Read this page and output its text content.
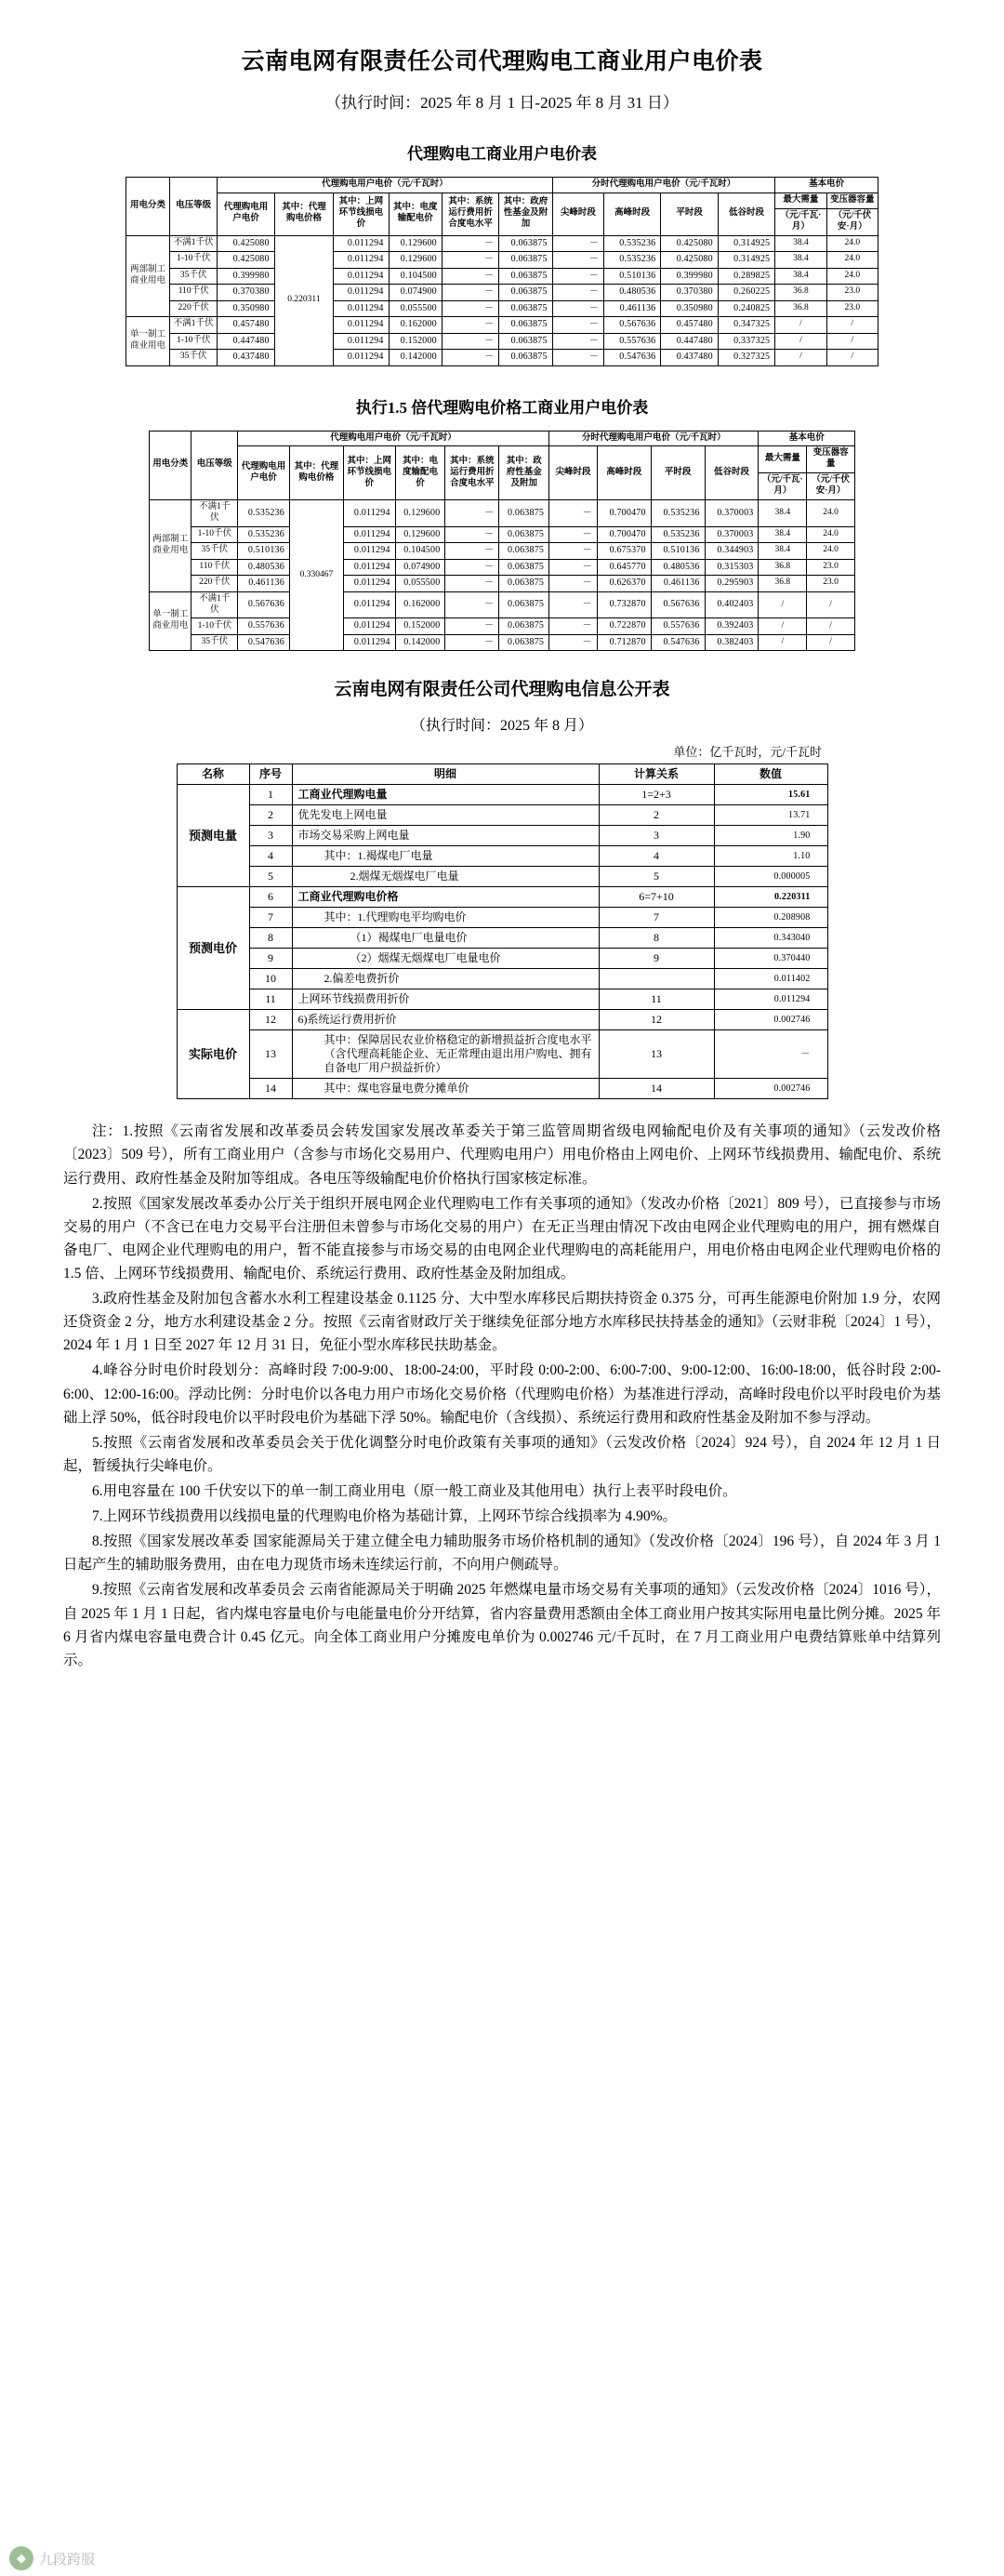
云南电网有限责任公司代理购电工商业用户电价表
（执行时间：2025 年 8 月 1 日-2025 年 8 月 31 日）
代理购电工商业用户电价表
用电分类	电压等级	代理购电用户电价（元/千瓦时）						分时代理购电用户电价（元/千瓦时）				基本电价	
		代理购电用户电价	其中：代理购电价格	其中：上网环节线损电价	其中：电度输配电价	其中：系统运行费用折合度电水平	其中：政府性基金及附加	尖峰时段	高峰时段	平时段	低谷时段	最大需量	变压器容量
												（元/千瓦·月）	（元/千伏安·月）
两部制工商业用电	不满1千伏	0.425080	0.220311	0.011294	0.129600	－	0.063875	－	0.535236	0.425080	0.314925	38.4	24.0
	1-10千伏	0.425080		0.011294	0.129600	－	0.063875	－	0.535236	0.425080	0.314925	38.4	24.0
	35千伏	0.399980		0.011294	0.104500	－	0.063875	－	0.510136	0.399980	0.289825	38.4	24.0
	110千伏	0.370380		0.011294	0.074900	－	0.063875	－	0.480536	0.370380	0.260225	36.8	23.0
	220千伏	0.350980		0.011294	0.055500	－	0.063875	－	0.461136	0.350980	0.240825	36.8	23.0
单一制工商业用电	不满1千伏	0.457480		0.011294	0.162000	－	0.063875	－	0.567636	0.457480	0.347325	/	/
	1-10千伏	0.447480		0.011294	0.152000	－	0.063875	－	0.557636	0.447480	0.337325	/	/
	35千伏	0.437480		0.011294	0.142000	－	0.063875	－	0.547636	0.437480	0.327325	/	/
执行1.5 倍代理购电价格工商业用户电价表
用电分类	电压等级	代理购电用户电价（元/千瓦时）						分时代理购电用户电价（元/千瓦时）				基本电价	
		代理购电用户电价	其中：代理购电价格	其中：上网环节线损电价	其中：电度输配电价	其中：系统运行费用折合度电水平	其中：政府性基金及附加	尖峰时段	高峰时段	平时段	低谷时段	最大需量	变压器容量
												（元/千瓦·月）	（元/千伏安·月）
两部制工商业用电	不满1千伏	0.535236	0.330467	0.011294	0.129600	－	0.063875	－	0.700470	0.535236	0.370003	38.4	24.0
	1-10千伏	0.535236		0.011294	0.129600	－	0.063875	－	0.700470	0.535236	0.370003	38.4	24.0
	35千伏	0.510136		0.011294	0.104500	－	0.063875	－	0.675370	0.510136	0.344903	38.4	24.0
	110千伏	0.480536		0.011294	0.074900	－	0.063875	－	0.645770	0.480536	0.315303	36.8	23.0
	220千伏	0.461136		0.011294	0.055500	－	0.063875	－	0.626370	0.461136	0.295903	36.8	23.0
单一制工商业用电	不满1千伏	0.567636		0.011294	0.162000	－	0.063875	－	0.732870	0.567636	0.402403	/	/
	1-10千伏	0.557636		0.011294	0.152000	－	0.063875	－	0.722870	0.557636	0.392403	/	/
	35千伏	0.547636		0.011294	0.142000	－	0.063875	－	0.712870	0.547636	0.382403	/	/
云南电网有限责任公司代理购电信息公开表
（执行时间：2025 年 8 月）
单位：亿千瓦时，元/千瓦时
名称	序号	明细	计算关系	数值
预测电量	1	工商业代理购电量	1=2+3	15.61
	2	优先发电上网电量	2	13.71
	3	市场交易采购上网电量	3	1.90
	4	其中：1.褐煤电厂电量	4	1.10
	5	2.烟煤无烟煤电厂电量	5	0.000005
预测电价	6	工商业代理购电价格	6=7+10	0.220311
	7	其中：1.代理购电平均购电价	7	0.208908
	8	（1）褐煤电厂电量电价	8	0.343040
	9	（2）烟煤无烟煤电厂电量电价	9	0.370440
	10	2.偏差电费折价		0.011402
	11	上网环节线损费用折价	11	0.011294
实际电价	12	6)系统运行费用折价	12	0.002746
	13	其中：保障居民农业价格稳定的新增损益折合度电水平（含代理高耗能企业、无正常理由退出用户购电、拥有自备电厂用户损益折价）	13	－
	14	其中：煤电容量电费分摊单价	14	0.002746

注：1.按照《云南省发展和改革委员会转发国家发展改革委关于第三监管周期省级电网输配电价及有关事项的通知》（云发改价格〔2023〕509 号），所有工商业用户（含参与市场化交易用户、代理购电用户）用电价格由上网电价、上网环节线损费用、输配电价、系统运行费用、政府性基金及附加等组成。各电压等级输配电价价格执行国家核定标准。

2.按照《国家发展改革委办公厅关于组织开展电网企业代理购电工作有关事项的通知》（发改办价格〔2021〕809 号），已直接参与市场交易的用户（不含已在电力交易平台注册但未曾参与市场化交易的用户）在无正当理由情况下改由电网企业代理购电的用户，拥有燃煤自备电厂、电网企业代理购电的用户，暂不能直接参与市场交易的由电网企业代理购电的高耗能用户，用电价格由电网企业代理购电价格的 1.5 倍、上网环节线损费用、输配电价、系统运行费用、政府性基金及附加组成。

3.政府性基金及附加包含蓄水水利工程建设基金 0.1125 分、大中型水库移民后期扶持资金 0.375 分，可再生能源电价附加 1.9 分，农网还贷资金 2 分，地方水利建设基金 2 分。按照《云南省财政厅关于继续免征部分地方水库移民扶持基金的通知》（云财非税〔2024〕1 号），2024 年 1 月 1 日至 2027 年 12 月 31 日，免征小型水库移民扶助基金。

4.峰谷分时电价时段划分：高峰时段 7:00-9:00、18:00-24:00，平时段 0:00-2:00、6:00-7:00、9:00-12:00、16:00-18:00，低谷时段 2:00-6:00、12:00-16:00。浮动比例：分时电价以各电力用户市场化交易价格（代理购电价格）为基准进行浮动，高峰时段电价以平时段电价为基础上浮 50%，低谷时段电价以平时段电价为基础下浮 50%。输配电价（含线损）、系统运行费用和政府性基金及附加不参与浮动。

5.按照《云南省发展和改革委员会关于优化调整分时电价政策有关事项的通知》（云发改价格〔2024〕924 号），自 2024 年 12 月 1 日起，暂缓执行尖峰电价。

6.用电容量在 100 千伏安以下的单一制工商业用电（原一般工商业及其他用电）执行上表平时段电价。

7.上网环节线损费用以线损电量的代理购电价格为基础计算，上网环节综合线损率为 4.90%。

8.按照《国家发展改革委 国家能源局关于建立健全电力辅助服务市场价格机制的通知》（发改价格〔2024〕196 号），自 2024 年 3 月 1 日起产生的辅助服务费用，由在电力现货市场未连续运行前，不向用户侧疏导。

9.按照《云南省发展和改革委员会 云南省能源局关于明确 2025 年燃煤电量市场交易有关事项的通知》（云发改价格〔2024〕1016 号），自 2025 年 1 月 1 日起，省内煤电容量电价与电能量电价分开结算，省内容量费用悉额由全体工商业用户按其实际用电量比例分摊。2025 年 6 月省内煤电容量电费合计 0.45 亿元。向全体工商业用户分摊废电单价为 0.002746 元/千瓦时，在 7 月工商业用户电费结算账单中结算列示。

◆ 九段跨服
